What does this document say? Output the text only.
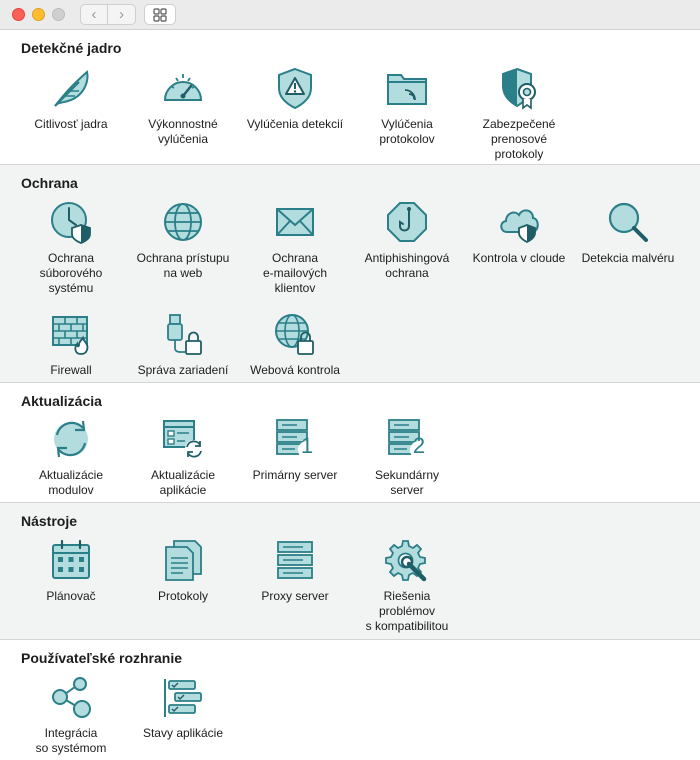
‹ ›
Detekčné jadro
Citlivosť jadra	Výkonnostné
vylúčenia
Vylúčenia detekcií	Vylúčenia
protokolov
Zabezpečené
prenosové
protokoly
Ochrana
Ochrana
súborového
systému
Ochrana prístupu
na web
Ochrana
e-mailových
klientov
Antiphishingová
ochrana
Kontrola v cloude Detekcia malvéru
Firewall	Správa zariadení Webová kontrola
Aktualizácia
Aktualizácie
modulov
Aktualizácie
aplikácie
Primárny server	Sekundárny
server
Nástroje
Plánovač	Protokoly	Proxy server	Riešenia
problémov
s kompatibilitou
Používateľské rozhranie
Integrácia
so systémom
Stavy aplikácie
1	2
